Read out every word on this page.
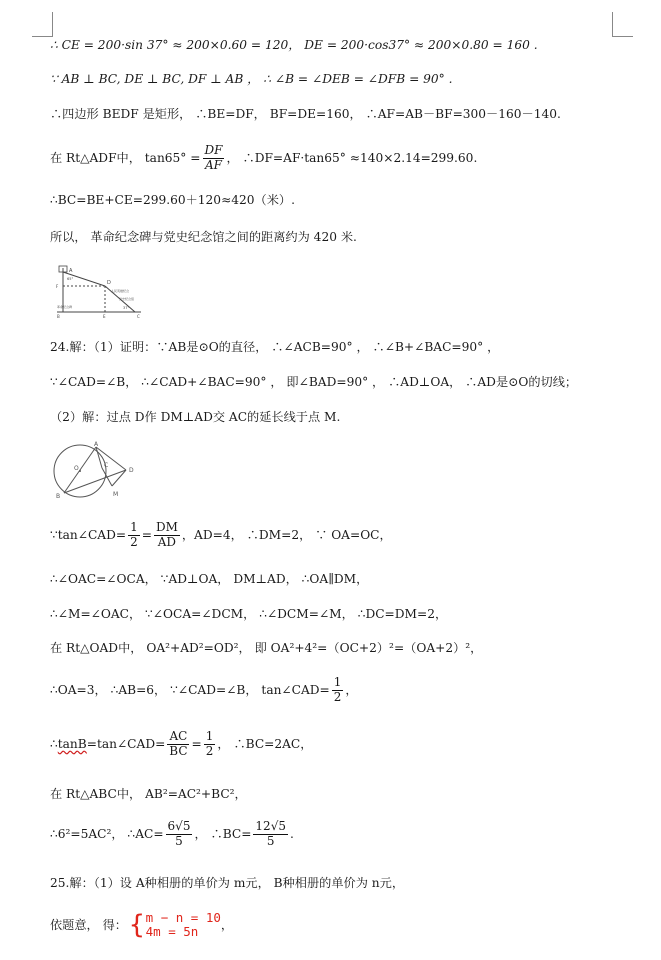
∴ CE = 200·sin 37° ≈ 200×0.60 = 120， DE = 200·cos37° ≈ 200×0.80 = 160 .
∵ AB ⊥ BC, DE ⊥ BC, DF ⊥ AB ， ∴ ∠B = ∠DEB = ∠DFB = 90° .
∴四边形 BEDF 是矩形， ∴BE=DF， BF=DE=160， ∴AF=AB－BF=300－160－140.
在 Rt△ADF中， $\tan 65^\circ = \frac{DF}{AF}$ ， ∴DF=AF·tan65° ≈140×2.14=299.60.
∴BC=BE+CE=299.60＋120≈420（米）.
所以， 革命纪念碑与党史纪念馆之间的距离约为 420 米.
A
D
B	E	C
F
65°
37°
人民英雄纪念
革命纪念碑
党史纪念馆
24.解：（1）证明：∵AB是⊙O的直径， ∴∠ACB=90° ， ∴∠B+∠BAC=90° ，
∵∠CAD=∠B， ∴∠CAD+∠BAC=90° ， 即∠BAD=90° ， ∴AD⊥OA， ∴AD是⊙O的切线；
（2）解：过点 D作 DM⊥AD交 AC的延长线于点 M.
A
B
C
D
O
M
∵tan∠CAD= $\frac{1}{2} = \frac{DM}{AD}$ ，AD=4， ∴DM=2， ∵ OA=OC，
∴∠OAC=∠OCA， ∵AD⊥OA， DM⊥AD， ∴OA∥DM，
∴∠M=∠OAC， ∵∠OCA=∠DCM， ∴∠DCM=∠M， ∴DC=DM=2，
在 Rt△OAD中， OA²+AD²=OD²， 即 OA²+4²=（OC+2）²=（OA+2）²，
∴OA=3， ∴AB=6， ∵∠CAD=∠B， tan∠CAD= $\frac{1}{2}$ ，
∴ tanB =tan∠CAD= $\frac{AC}{BC} = \frac{1}{2}$ ， ∴BC=2AC，
在 Rt△ABC中， AB²=AC²+BC²，
∴6²=5AC²， ∴AC= $\frac{6√5}{5}$ ， ∴BC= $\frac{12√5}{5}$ .
25.解：（1）设 A种相册的单价为 m元， B种相册的单价为 n元，
依题意， 得： { m − n = 10
4m = 5n	，
